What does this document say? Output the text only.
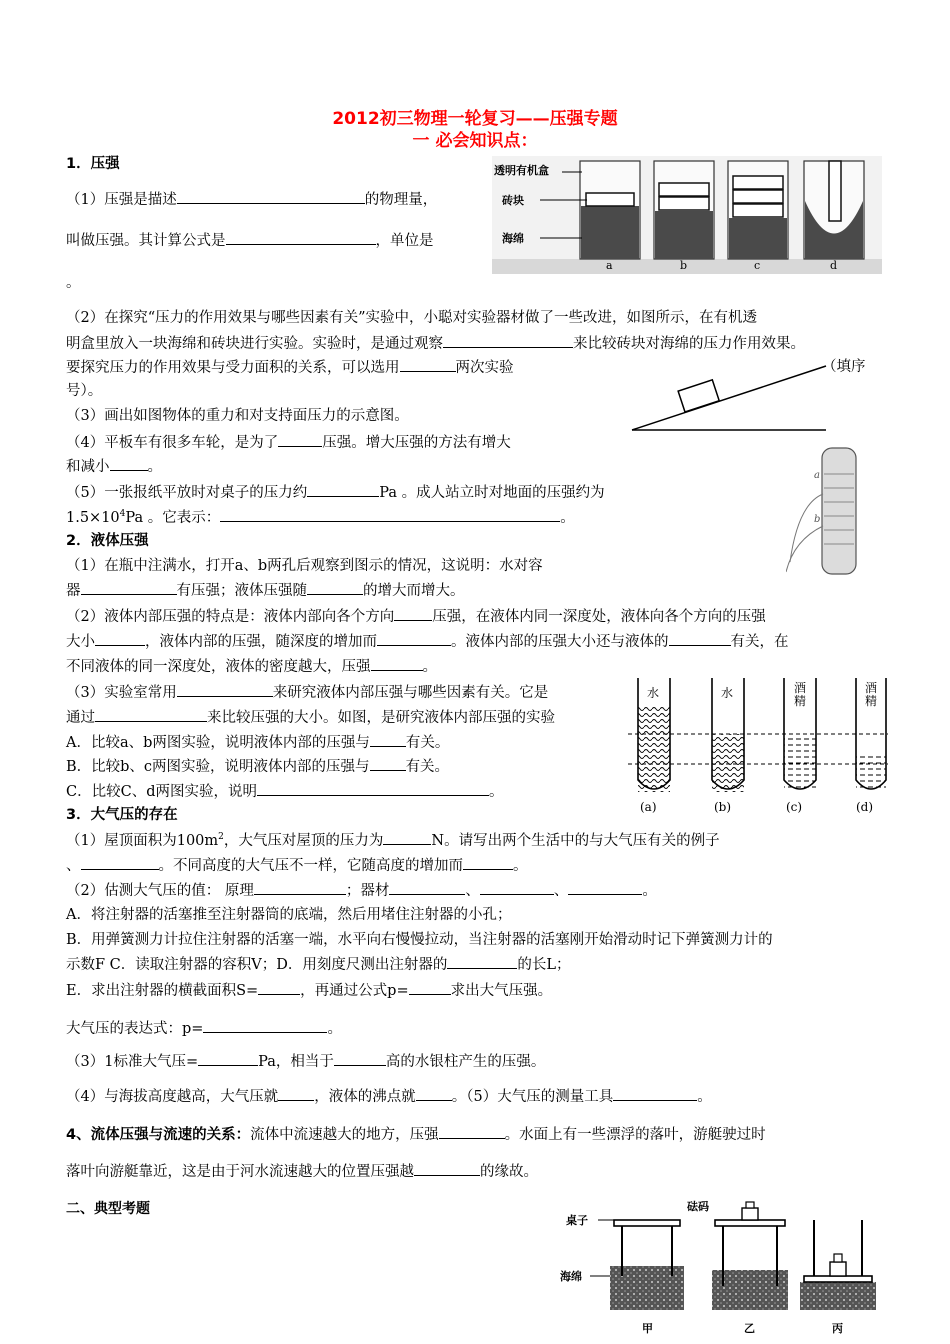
2012初三物理一轮复习——压强专题
一 必会知识点：
透明有机盒
砖块
海绵
a	b	c	d
1．压强
（1）压强是描述	的物理量，
叫做压强。其计算公式是	，单位是
。
（2）在探究“压力的作用效果与哪些因素有关”实验中，小聪对实验器材做了一些改进，如图所示，在有机透
明盒里放入一块海绵和砖块进行实验。实验时，是通过观察	来比较砖块对海绵的压力作用效果。
要探究压力的作用效果与受力面积的关系，可以选用	两次实验	（填序
号）。
（3）画出如图物体的重力和对支持面压力的示意图。
（4）平板车有很多车轮，是为了	压强。增大压强的方法有增大
和减小	。
（5）一张报纸平放时对桌子的压力约	Pa 。成人站立时对地面的压强约为
$1.5\times 10^4Pa$ 。它表示：	。
a
b
2．液体压强
（1）在瓶中注满水，打开a、b两孔后观察到图示的情况，这说明：水对容
器	有压强；液体压强随	的增大而增大。
（2）液体内部压强的特点是：液体内部向各个方向	压强，在液体内同一深度处，液体向各个方向的压强
大小	，液体内部的压强，随深度的增加而	。液体内部的压强大小还与液体的	有关，在
不同液体的同一深度处，液体的密度越大，压强	。
（3）实验室常用	来研究液体内部压强与哪些因素有关。它是
通过	来比较压强的大小。如图，是研究液体内部压强的实验
A．比较a、b两图实验，说明液体内部的压强与 有关。
B．比较b、c两图实验，说明液体内部的压强与 有关。
C．比较C、d两图实验，说明	。
水	水	酒精
酒精
(a)	(b)	(c)	(d)
3．大气压的存在
（1）屋顶面积为$100m^2$，大气压对屋顶的压力为	N。请写出两个生活中的与大气压有关的例子
、	。不同高度的大气压不一样，它随高度的增加而	。
（2）估测大气压的值： 原理	；器材	、	、	。
A．将注射器的活塞推至注射器筒的底端，然后用堵住注射器的小孔；
B．用弹簧测力计拉住注射器的活塞一端，水平向右慢慢拉动，当注射器的活塞刚开始滑动时记下弹簧测力计的
示数F C．读取注射器的容积V；D．用刻度尺测出注射器的	的长L；
E．求出注射器的横截面积S=	，再通过公式p=	求出大气压强。
大气压的表达式：p=	。
（3）1标准大气压=	Pa，相当于	高的水银柱产生的压强。
（4）与海拔高度越高，大气压就 ，液体的沸点就 。（5）大气压的测量工具	。
4、流体压强与流速的关系：流体中流速越大的地方，压强	。水面上有一些漂浮的落叶，游艇驶过时
落叶向游艇靠近，这是由于河水流速越大的位置压强越	的缘故。
二、典型考题
桌子
砝码
海绵
甲	乙	丙
